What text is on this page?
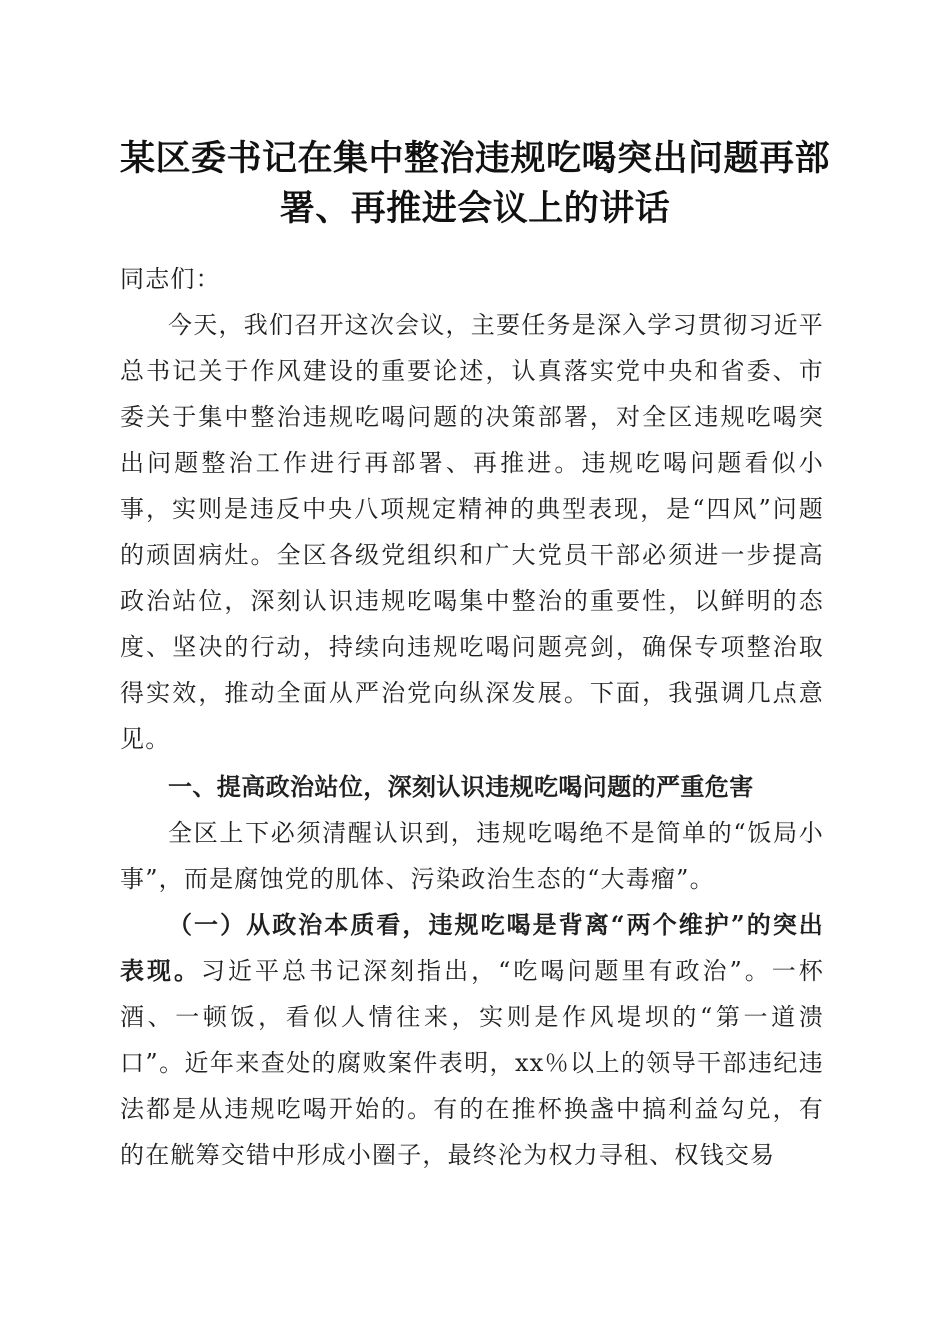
某区委书记在集中整治违规吃喝突出问题再部署、再推进会议上的讲话

同志们：

今天，我们召开这次会议，主要任务是深入学习贯彻习近平总书记关于作风建设的重要论述，认真落实党中央和省委、市委关于集中整治违规吃喝问题的决策部署，对全区违规吃喝突出问题整治工作进行再部署、再推进。违规吃喝问题看似小事，实则是违反中央八项规定精神的典型表现，是“四风”问题的顽固病灶。全区各级党组织和广大党员干部必须进一步提高政治站位，深刻认识违规吃喝集中整治的重要性，以鲜明的态度、坚决的行动，持续向违规吃喝问题亮剑，确保专项整治取得实效，推动全面从严治党向纵深发展。下面，我强调几点意见。

一、提高政治站位，深刻认识违规吃喝问题的严重危害

全区上下必须清醒认识到，违规吃喝绝不是简单的“饭局小事”，而是腐蚀党的肌体、污染政治生态的“大毒瘤”。

（一）从政治本质看，违规吃喝是背离“两个维护”的突出表现。习近平总书记深刻指出，“吃喝问题里有政治”。一杯酒、一顿饭，看似人情往来，实则是作风堤坝的“第一道溃口”。近年来查处的腐败案件表明，xx％以上的领导干部违纪违法都是从违规吃喝开始的。有的在推杯换盏中搞利益勾兑，有的在觥筹交错中形成小圈子，最终沦为权力寻租、权钱交易
